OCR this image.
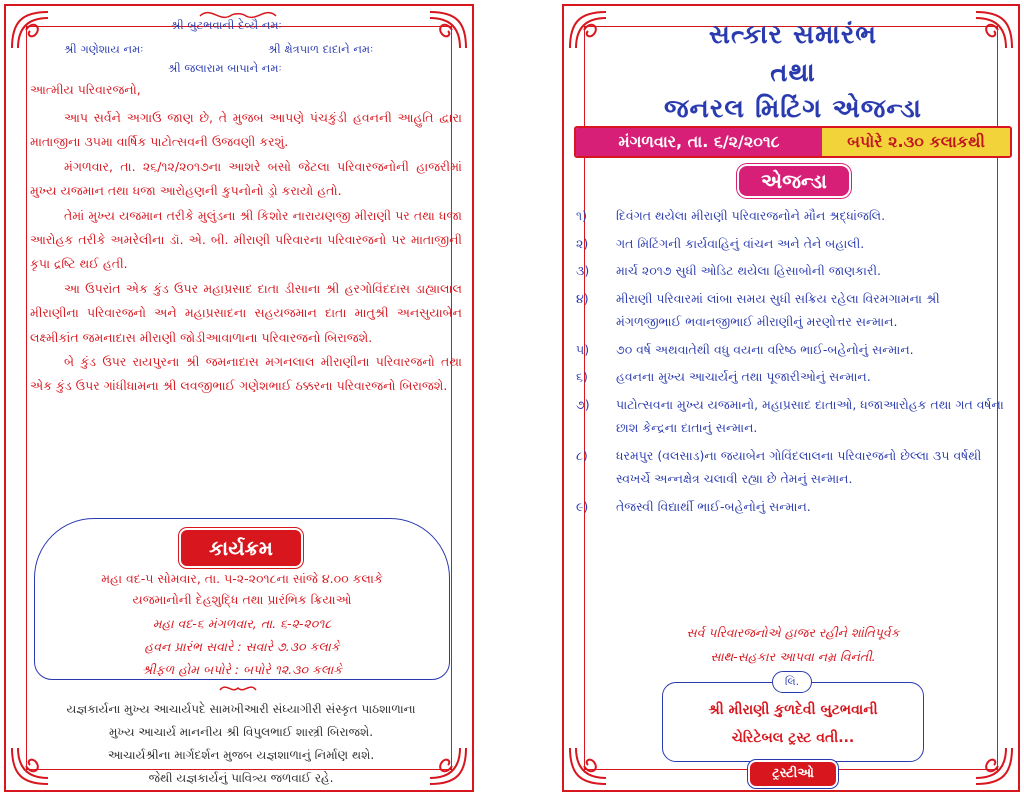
શ્રી બુટભવાની દેવ્યૈ નમઃ
શ્રી ગણેશાય નમઃ	શ્રી ક્ષેત્રપાળ દાદાને નમઃ
શ્રી જલારામ બાપાને નમઃ
આત્મીય પરિવારજનો,

આપ સર્વને અગાઉ જાણ છે, તે મુજબ આપણે પંચકુંડી હવનની આહુતિ દ્વારા માતાજીના ૩૫મા વાર્ષિક પાટોત્સવની ઉજવણી કરશું.

મંગળવાર, તા. ૨૬/૧૨/૨૦૧૭ના આશરે બસો જેટલા પરિવારજનોની હાજરીમાં મુખ્ય યજમાન તથા ધજા આરોહણની કુપનોનો ડ્રો કરાયો હતો.

તેમાં મુખ્ય યજમાન તરીકે મુલુંડના શ્રી કિશોર નારાયણજી મીરાણી પર તથા ધજા આરોહક તરીકે અમરેલીના ડૉ. એ. બી. મીરાણી પરિવારના પરિવારજનો પર માતાજીની કૃપા દ્રષ્ટિ થઈ હતી.

આ ઉપરાંત એક કુંડ ઉપર મહાપ્રસાદ દાતા ડીસાના શ્રી હરગોવિંદદાસ ડાહ્યાલાલ મીરાણીના પરિવારજનો અને મહાપ્રસાદના સહયજમાન દાતા માતુશ્રી અનસુયાબેન લક્ષ્મીકાંત જમનાદાસ મીરાણી જોડીઆવાળાના પરિવારજનો બિરાજશે.

બે કુંડ ઉપર રાયપુરના શ્રી જમનાદાસ મગનલાલ મીરાણીના પરિવારજનો તથા એક કુંડ ઉપર ગાંધીધામના શ્રી લવજીભાઈ ગણેશભાઈ ઠક્કરના પરિવારજનો બિરાજશે.

કાર્યક્રમ
મહા વદ-૫ સોમવાર, તા. ૫-૨-૨૦૧૮ના સાંજે ૪.૦૦ કલાકે
યજમાનોની દેહશુદ્ધિ તથા પ્રારંભિક ક્રિયાઓ
મહા વદ-૬ મંગળવાર, તા. ૬-૨-૨૦૧૮
હવન પ્રારંભ સવારે : સવારે ૭.૩૦ કલાકે
શ્રીફળ હોમ બપોરે : બપોરે ૧૨.૩૦ કલાકે
યજ્ઞકાર્યના મુખ્ય આચાર્યપદે સામખીઆરી સંધ્યાગીરી સંસ્કૃત પાઠશાળાના
મુખ્ય આચાર્ય માનનીય શ્રી વિપુલભાઈ શાસ્ત્રી બિરાજશે.
આચાર્યશ્રીના માર્ગદર્શન મુજબ યજ્ઞશાળાનું નિર્માણ થશે.
જેથી યજ્ઞકાર્યનું પાવિત્ર્ય જળવાઈ રહે.
સત્કાર સમારંભ
તથા
જનરલ મિટિંગ એજન્ડા
મંગળવાર, તા. ૬/૨/૨૦૧૮	બપોરે ૨.૩૦ કલાકથી
એજન્ડા
૧)	દિવંગત થયેલા મીરાણી પરિવારજનોને મૌન શ્રદ્ધાંજલિ.
૨)	ગત મિટિંગની કાર્યવાહિનું વાંચન અને તેને બહાલી.
૩)	માર્ચ ૨૦૧૭ સુધી ઓડિટ થયેલા હિસાબોની જાણકારી.
૪)	મીરાણી પરિવારમાં લાંબા સમય સુધી સક્રિય રહેલા વિરમગામના શ્રી મંગળજીભાઈ ભવાનજીભાઈ મીરાણીનું મરણોત્તર સન્માન.
૫)	૭૦ વર્ષ અથવાતેથી વધુ વયના વરિષ્ઠ ભાઈ-બહેનોનું સન્માન.
૬)	હવનના મુખ્ય આચાર્યનું તથા પૂજારીઓનું સન્માન.
૭)	પાટોત્સવના મુખ્ય યજમાનો, મહાપ્રસાદ દાતાઓ, ધજાઆરોહક તથા ગત વર્ષના છાશ કેન્દ્રના દાતાનું સન્માન.
૮)	ધરમપુર (વલસાડ)ના જયાબેન ગોવિંદલાલના પરિવારજનો છેલ્લા ૩૫ વર્ષથી સ્વખર્ચે અન્નક્ષેત્ર ચલાવી રહ્યા છે તેમનું સન્માન.
૯)	તેજસ્વી વિદ્યાર્થી ભાઈ-બહેનોનું સન્માન.
સર્વ પરિવારજનોએ હાજર રહીને શાંતિપૂર્વક
સાથ-સહકાર આપવા નમ્ર વિનંતી.
લિ.
શ્રી મીરાણી કુળદેવી બુટભવાની
ચેરિટેબલ ટ્રસ્ટ વતી...
ટ્રસ્ટીઓ
